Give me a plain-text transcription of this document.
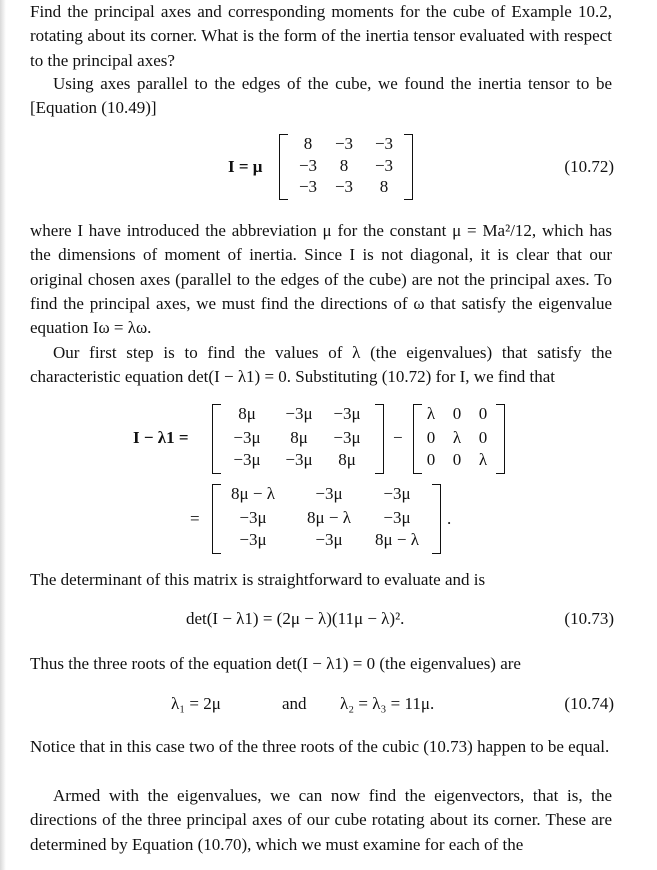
Find the principal axes and corresponding moments for the cube of Example 10.2, rotating about its corner. What is the form of the inertia tensor evaluated with respect to the principal axes?

Using axes parallel to the edges of the cube, we found the inertia tensor to be [Equation (10.49)]

I = μ
8	−3	−3
−3	8	−3
−3	−3	8
(10.72)

where I have introduced the abbreviation μ for the constant μ = Ma²/12, which has the dimensions of moment of inertia. Since I is not diagonal, it is clear that our original chosen axes (parallel to the edges of the cube) are not the principal axes. To find the principal axes, we must find the directions of ω that satisfy the eigenvalue equation Iω = λω.

Our first step is to find the values of λ (the eigenvalues) that satisfy the characteristic equation det(I − λ1) = 0. Substituting (10.72) for I, we find that

I − λ1 =
8μ	−3μ	−3μ
−3μ	8μ	−3μ
−3μ	−3μ	8μ
−
λ	0	0
0	λ	0
0	0	λ
=
8μ − λ	−3μ	−3μ
−3μ	8μ − λ	−3μ
−3μ	−3μ	8μ − λ
.

The determinant of this matrix is straightforward to evaluate and is

det(I − λ1) = (2μ − λ)(11μ − λ)².	(10.73)

Thus the three roots of the equation det(I − λ1) = 0 (the eigenvalues) are

λ₁ = 2μ	and λ₂ = λ₃ = 11μ.	(10.74)

Notice that in this case two of the three roots of the cubic (10.73) happen to be equal.

Armed with the eigenvalues, we can now find the eigenvectors, that is, the directions of the three principal axes of our cube rotating about its corner. These are determined by Equation (10.70), which we must examine for each of the
